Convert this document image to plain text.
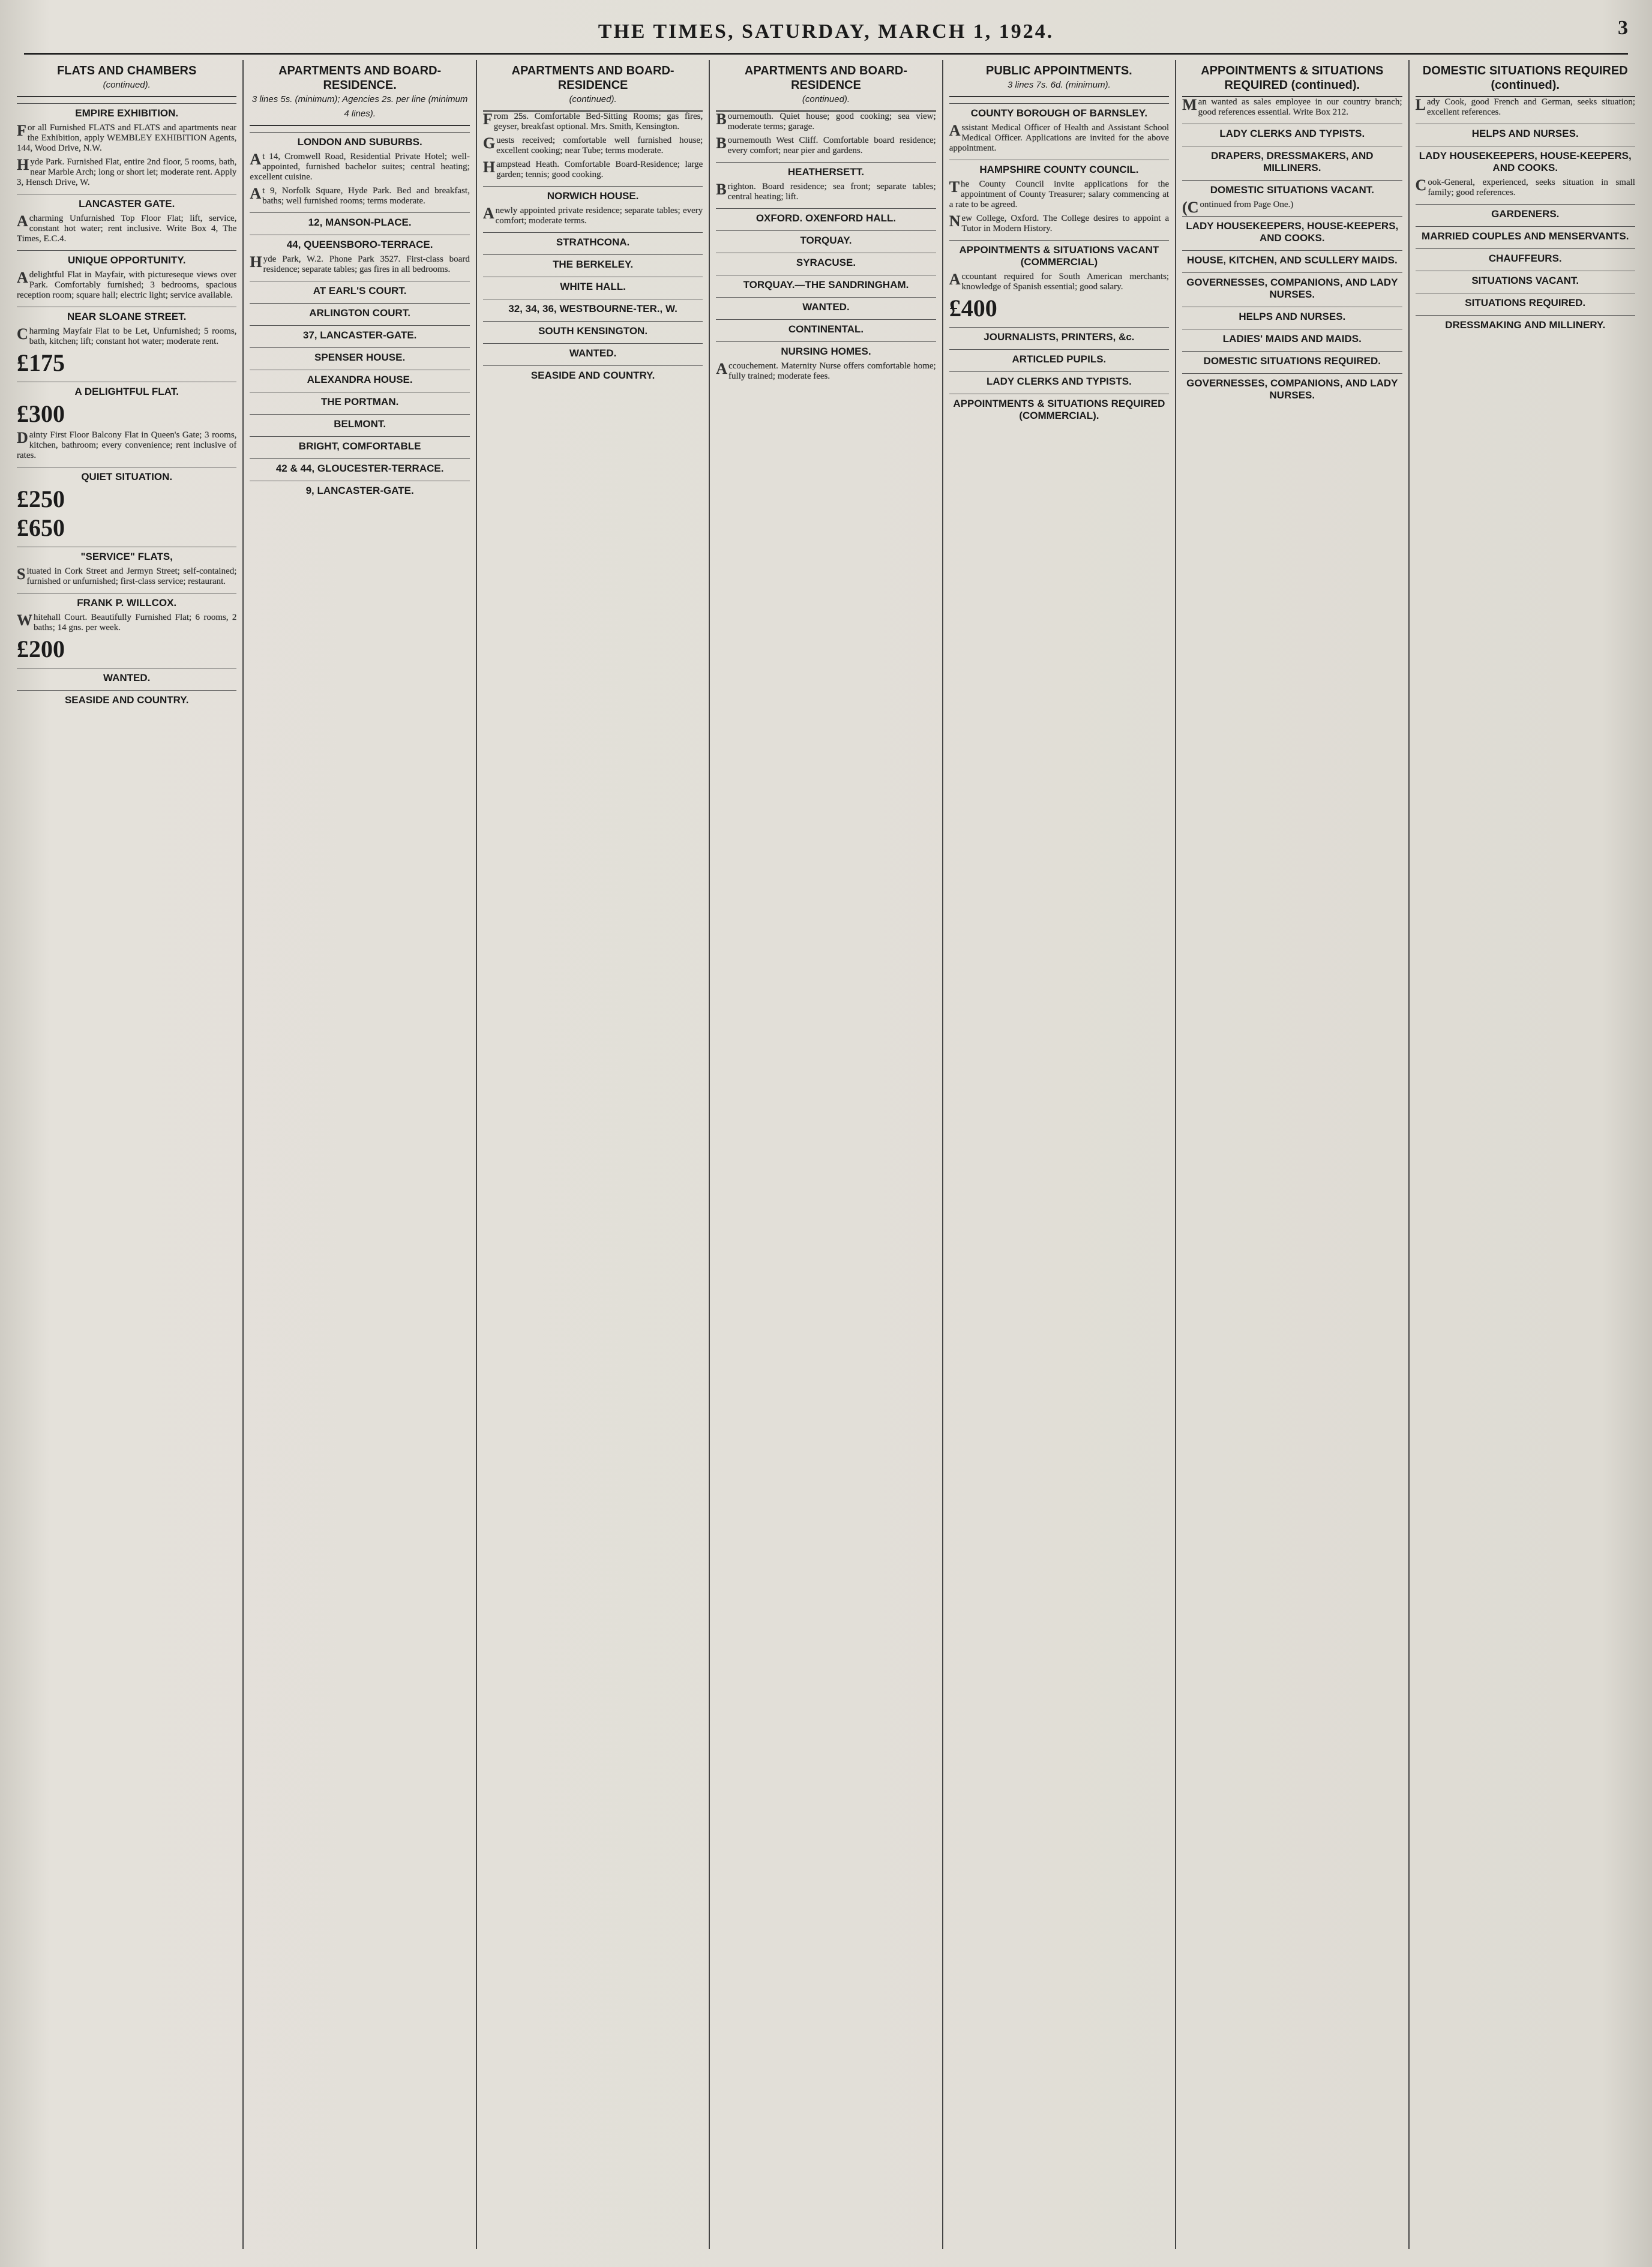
THE TIMES, SATURDAY, MARCH 1, 1924.	3
FLATS AND CHAMBERS
(continued).
EMPIRE EXHIBITION.
For all Furnished FLATS and FLATS and apartments near the Exhibition, apply WEMBLEY EXHIBITION Agents, 144, Wood Drive, N.W.
Hyde Park. Furnished Flat, entire 2nd floor, 5 rooms, bath, near Marble Arch; long or short let; moderate rent. Apply 3, Hensch Drive, W.
LANCASTER GATE.
Acharming Unfurnished Top Floor Flat; lift, service, constant hot water; rent inclusive. Write Box 4, The Times, E.C.4.
UNIQUE OPPORTUNITY.
Adelightful Flat in Mayfair, with pictureseque views over Park. Comfortably furnished; 3 bedrooms, spacious reception room; square hall; electric light; service available.
NEAR SLOANE STREET.
Charming Mayfair Flat to be Let, Unfurnished; 5 rooms, bath, kitchen; lift; constant hot water; moderate rent.
£175
A DELIGHTFUL FLAT.
£300
Dainty First Floor Balcony Flat in Queen's Gate; 3 rooms, kitchen, bathroom; every convenience; rent inclusive of rates.
QUIET SITUATION.
£250
£650
"SERVICE" FLATS,
Situated in Cork Street and Jermyn Street; self-contained; furnished or unfurnished; first-class service; restaurant.
FRANK P. WILLCOX.
Whitehall Court. Beautifully Furnished Flat; 6 rooms, 2 baths; 14 gns. per week.
£200
WANTED.
SEASIDE AND COUNTRY.
APARTMENTS AND BOARD-RESIDENCE.
3 lines 5s. (minimum); Agencies 2s. per line (minimum 4 lines).
LONDON AND SUBURBS.
At 14, Cromwell Road, Residential Private Hotel; well-appointed, furnished bachelor suites; central heating; excellent cuisine.
At 9, Norfolk Square, Hyde Park. Bed and breakfast, baths; well furnished rooms; terms moderate.
12, MANSON-PLACE.
44, QUEENSBORO-TERRACE.
Hyde Park, W.2. Phone Park 3527. First-class board residence; separate tables; gas fires in all bedrooms.
AT EARL'S COURT.
ARLINGTON COURT.
37, LANCASTER-GATE.
SPENSER HOUSE.
ALEXANDRA HOUSE.
THE PORTMAN.
BELMONT.
BRIGHT, COMFORTABLE
42 & 44, GLOUCESTER-TERRACE.
9, LANCASTER-GATE.
APARTMENTS AND BOARD-RESIDENCE
(continued).
From 25s. Comfortable Bed-Sitting Rooms; gas fires, geyser, breakfast optional. Mrs. Smith, Kensington.
Guests received; comfortable well furnished house; excellent cooking; near Tube; terms moderate.
Hampstead Heath. Comfortable Board-Residence; large garden; tennis; good cooking.
NORWICH HOUSE.
Anewly appointed private residence; separate tables; every comfort; moderate terms.
STRATHCONA.
THE BERKELEY.
WHITE HALL.
32, 34, 36, WESTBOURNE-TER., W.
SOUTH KENSINGTON.
WANTED.
SEASIDE AND COUNTRY.
APARTMENTS AND BOARD-RESIDENCE
(continued).
Bournemouth. Quiet house; good cooking; sea view; moderate terms; garage.
Bournemouth West Cliff. Comfortable board residence; every comfort; near pier and gardens.
HEATHERSETT.
Brighton. Board residence; sea front; separate tables; central heating; lift.
OXFORD. OXENFORD HALL.
TORQUAY.
SYRACUSE.
TORQUAY.—THE SANDRINGHAM.
WANTED.
CONTINENTAL.
NURSING HOMES.
Accouchement. Maternity Nurse offers comfortable home; fully trained; moderate fees.
PUBLIC APPOINTMENTS.
3 lines 7s. 6d. (minimum).
COUNTY BOROUGH OF BARNSLEY.
Assistant Medical Officer of Health and Assistant School Medical Officer. Applications are invited for the above appointment.
HAMPSHIRE COUNTY COUNCIL.
The County Council invite applications for the appointment of County Treasurer; salary commencing at a rate to be agreed.
New College, Oxford. The College desires to appoint a Tutor in Modern History.
APPOINTMENTS & SITUATIONS VACANT (COMMERCIAL)
Accountant required for South American merchants; knowledge of Spanish essential; good salary.
£400
JOURNALISTS, PRINTERS, &c.
ARTICLED PUPILS.
LADY CLERKS AND TYPISTS.
APPOINTMENTS & SITUATIONS REQUIRED (COMMERCIAL).
APPOINTMENTS & SITUATIONS REQUIRED (continued).
Man wanted as sales employee in our country branch; good references essential. Write Box 212.
LADY CLERKS AND TYPISTS.
DRAPERS, DRESSMAKERS, AND MILLINERS.
DOMESTIC SITUATIONS VACANT.
(Continued from Page One.)
LADY HOUSEKEEPERS, HOUSE-KEEPERS, AND COOKS.
HOUSE, KITCHEN, AND SCULLERY MAIDS.
GOVERNESSES, COMPANIONS, AND LADY NURSES.
HELPS AND NURSES.
LADIES' MAIDS AND MAIDS.
DOMESTIC SITUATIONS REQUIRED.
GOVERNESSES, COMPANIONS, AND LADY NURSES.
DOMESTIC SITUATIONS REQUIRED (continued).
Lady Cook, good French and German, seeks situation; excellent references.
HELPS AND NURSES.
LADY HOUSEKEEPERS, HOUSE-KEEPERS, AND COOKS.
Cook-General, experienced, seeks situation in small family; good references.
GARDENERS.
MARRIED COUPLES AND MENSERVANTS.
CHAUFFEURS.
SITUATIONS VACANT.
SITUATIONS REQUIRED.
DRESSMAKING AND MILLINERY.
